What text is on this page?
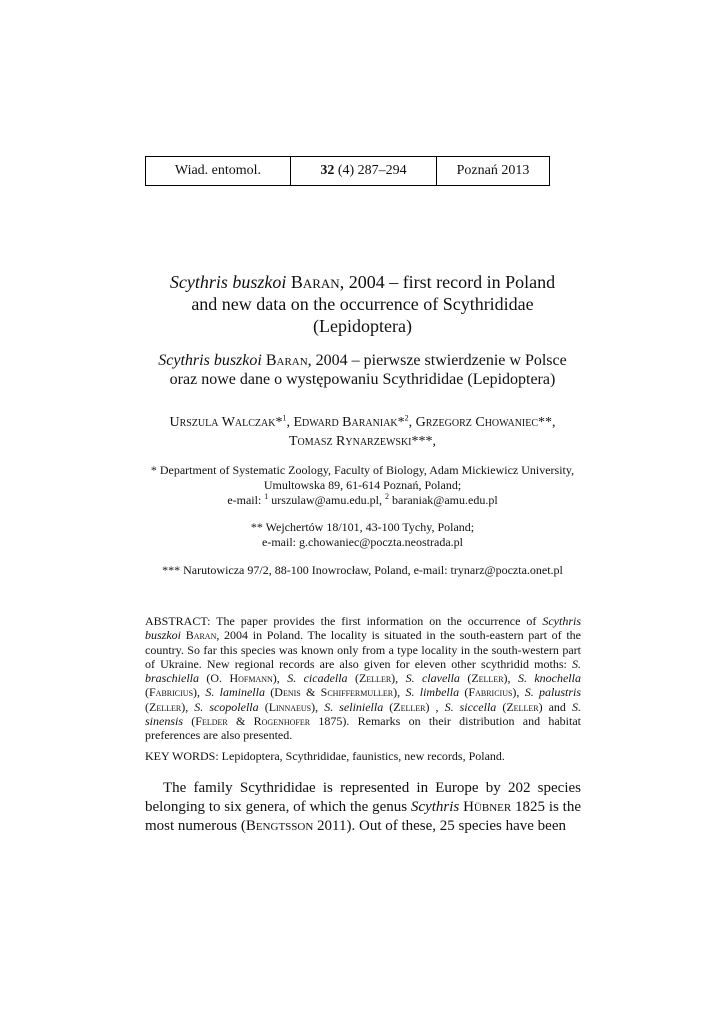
Wiad. entomol.	32 (4) 287–294	Poznań 2013
Scythris buszkoi Baran, 2004 – first record in Poland
and new data on the occurrence of Scythrididae
(Lepidoptera)
Scythris buszkoi Baran, 2004 – pierwsze stwierdzenie w Polsce
oraz nowe dane o występowaniu Scythrididae (Lepidoptera)
Urszula Walczak*$^1$, Edward Baraniak*$^2$, Grzegorz Chowaniec**,
Tomasz Rynarzewski***,
* Department of Systematic Zoology, Faculty of Biology, Adam Mickiewicz University,
Umultowska 89, 61-614 Poznań, Poland;
e-mail: $^1$ urszulaw@amu.edu.pl, $^2$ baraniak@amu.edu.pl
** Wejchertów 18/101, 43-100 Tychy, Poland;
e-mail: g.chowaniec@poczta.neostrada.pl
*** Narutowicza 97/2, 88-100 Inowrocław, Poland, e-mail: trynarz@poczta.onet.pl
ABSTRACT: The paper provides the first information on the occurrence of Scythris buszkoi Baran, 2004 in Poland. The locality is situated in the south-eastern part of the country. So far this species was known only from a type locality in the south-western part of Ukraine. New regional records are also given for eleven other scythridid moths: S. braschiella (O. Hofmann), S. cicadella (Zeller), S. clavella (Zeller), S. knochella (Fabricius), S. laminella (Denis & Schiffermuller), S. limbella (Fabricius), S. palustris (Zeller), S. scopolella (Linnaeus), S. seliniella (Zeller) , S. siccella (Zeller) and S. sinensis (Felder & Rogenhofer 1875). Remarks on their distribution and habitat preferences are also presented.
KEY WORDS: Lepidoptera, Scythrididae, faunistics, new records, Poland.
The family Scythrididae is represented in Europe by 202 species belonging to six genera, of which the genus Scythris Hübner 1825 is the most numerous (Bengtsson 2011). Out of these, 25 species have been
